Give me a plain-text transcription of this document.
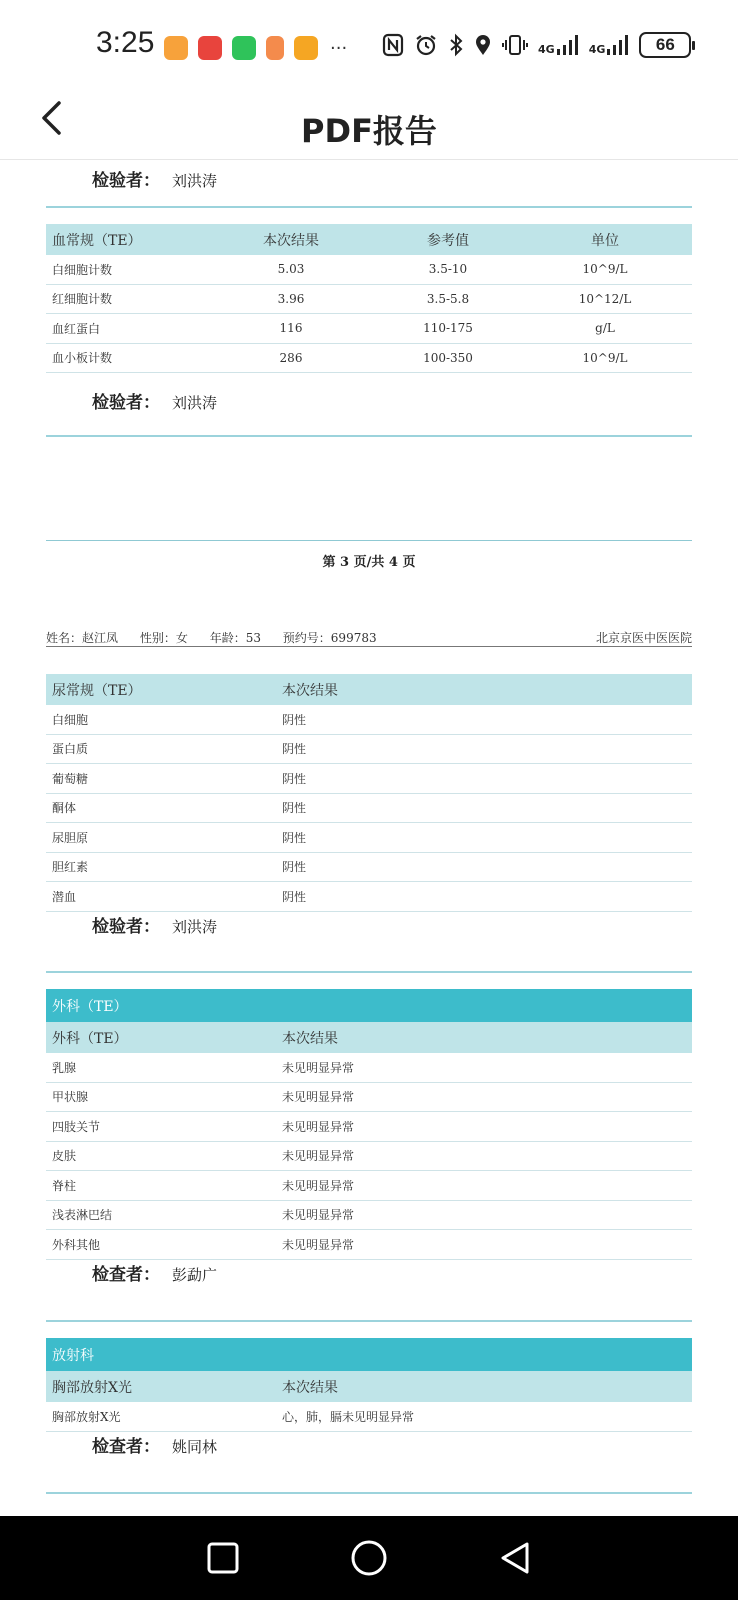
3:25	···	4G	4G	66
PDF报告
检验者： 刘洪涛
血常规（TE）	本次结果	参考值	单位
白细胞计数	5.03	3.5-10	10^9/L
红细胞计数	3.96	3.5-5.8	10^12/L
血红蛋白	116	110-175	g/L
血小板计数	286	100-350	10^9/L
检验者： 刘洪涛
第 3 页/共 4 页
姓名：赵江凤 性别：女 年龄：53 预约号：699783	北京京医中医医院
尿常规（TE）	本次结果
白细胞	阴性
蛋白质	阴性
葡萄糖	阴性
酮体	阴性
尿胆原	阴性
胆红素	阴性
潜血	阴性
检验者： 刘洪涛
外科（TE）
外科（TE）	本次结果
乳腺	未见明显异常
甲状腺	未见明显异常
四肢关节	未见明显异常
皮肤	未见明显异常
脊柱	未见明显异常
浅表淋巴结	未见明显异常
外科其他	未见明显异常
检查者： 彭勐广
放射科
胸部放射X光	本次结果
胸部放射X光	心，肺，膈未见明显异常
检查者： 姚同林
